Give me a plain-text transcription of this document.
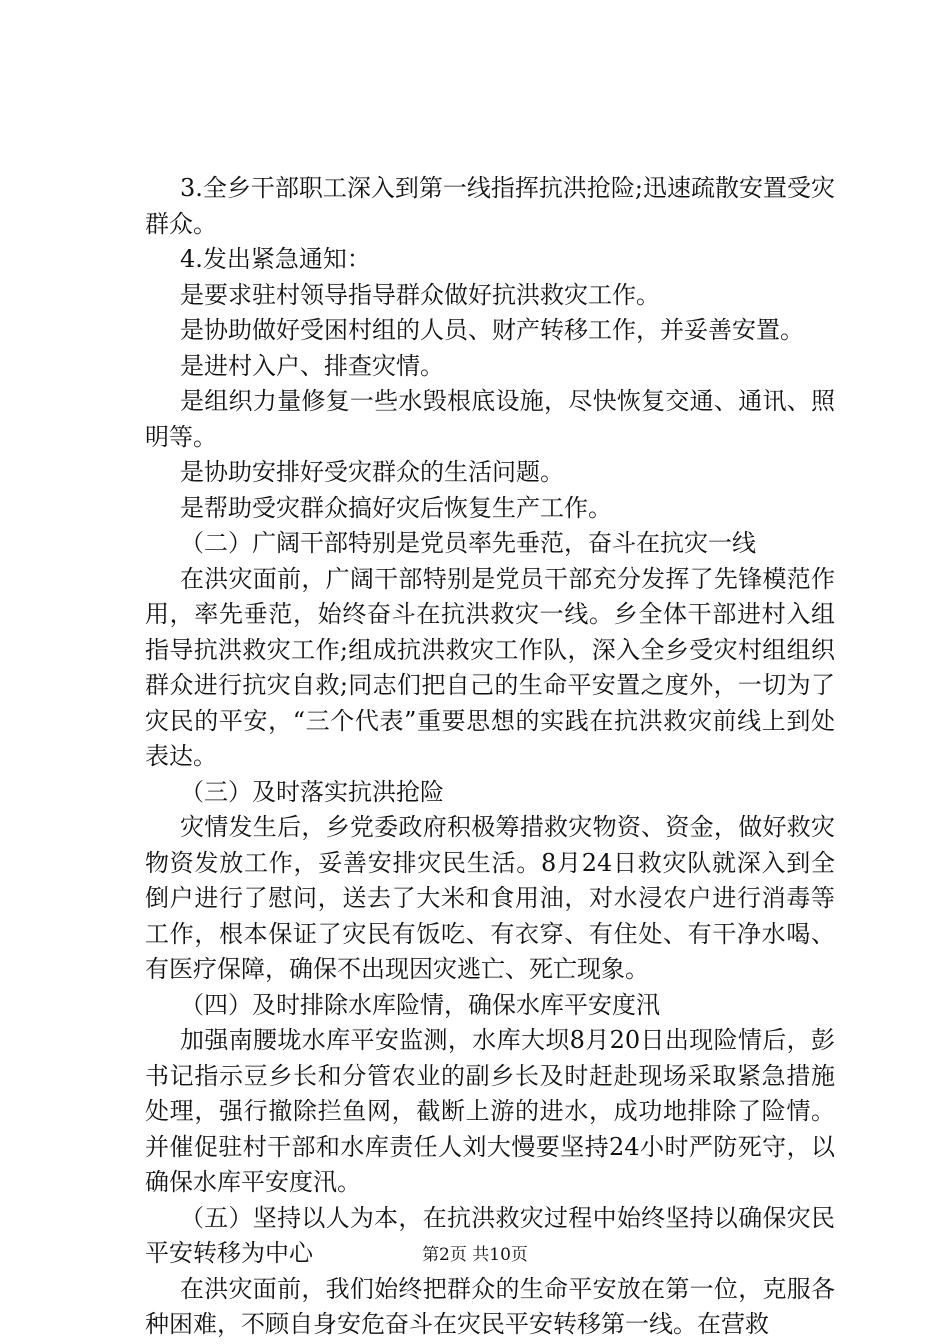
3.全乡干部职工深入到第一线指挥抗洪抢险;迅速疏散安置受灾群众。

4.发出紧急通知：

是要求驻村领导指导群众做好抗洪救灾工作。

是协助做好受困村组的人员、财产转移工作，并妥善安置。

是进村入户、排查灾情。

是组织力量修复一些水毁根底设施，尽快恢复交通、通讯、照明等。

是协助安排好受灾群众的生活问题。

是帮助受灾群众搞好灾后恢复生产工作。

（二）广阔干部特别是党员率先垂范，奋斗在抗灾一线

在洪灾面前，广阔干部特别是党员干部充分发挥了先锋模范作用，率先垂范，始终奋斗在抗洪救灾一线。乡全体干部进村入组指导抗洪救灾工作;组成抗洪救灾工作队，深入全乡受灾村组组织群众进行抗灾自救;同志们把自己的生命平安置之度外，一切为了灾民的平安，“三个代表”重要思想的实践在抗洪救灾前线上到处表达。

（三）及时落实抗洪抢险

灾情发生后，乡党委政府积极筹措救灾物资、资金，做好救灾物资发放工作，妥善安排灾民生活。8月24日救灾队就深入到全倒户进行了慰问，送去了大米和食用油，对水浸农户进行消毒等工作，根本保证了灾民有饭吃、有衣穿、有住处、有干净水喝、有医疗保障，确保不出现因灾逃亡、死亡现象。

（四）及时排除水库险情，确保水库平安度汛

加强南腰垅水库平安监测，水库大坝8月20日出现险情后，彭书记指示豆乡长和分管农业的副乡长及时赶赴现场采取紧急措施处理，强行撤除拦鱼网，截断上游的进水，成功地排除了险情。并催促驻村干部和水库责任人刘大慢要坚持24小时严防死守，以确保水库平安度汛。

（五）坚持以人为本，在抗洪救灾过程中始终坚持以确保灾民平安转移为中心

在洪灾面前，我们始终把群众的生命平安放在第一位，克服各种困难，不顾自身安危奋斗在灾民平安转移第一线。在营救

第2页 共10页
